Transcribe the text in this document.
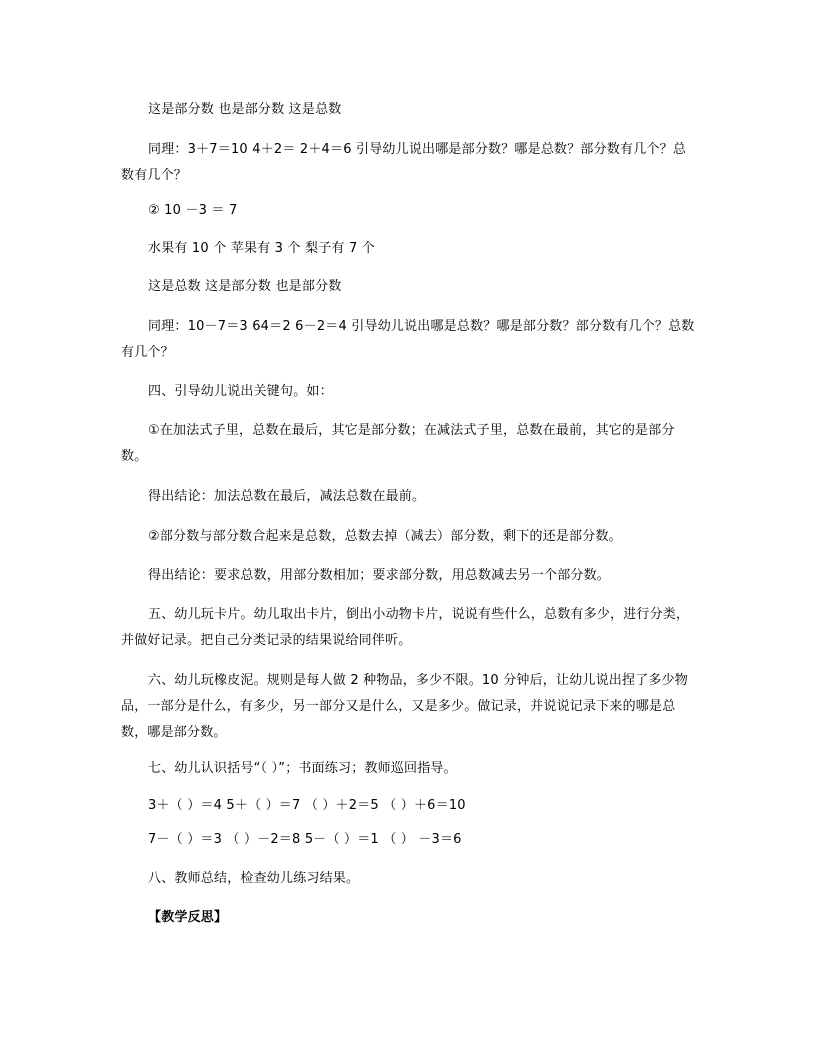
这是部分数 也是部分数 这是总数
同理：3＋7＝10 4＋2＝ 2＋4＝6 引导幼儿说出哪是部分数？哪是总数？部分数有几个？总数有几个？
② 10 －3 ＝ 7
水果有 10 个 苹果有 3 个 梨子有 7 个
这是总数 这是部分数 也是部分数
同理：10－7＝3 64＝2 6－2＝4 引导幼儿说出哪是总数？哪是部分数？部分数有几个？总数有几个？
四、引导幼儿说出关键句。如：
①在加法式子里，总数在最后，其它是部分数；在减法式子里，总数在最前，其它的是部分数。
得出结论：加法总数在最后，减法总数在最前。
②部分数与部分数合起来是总数，总数去掉（减去）部分数，剩下的还是部分数。
得出结论：要求总数，用部分数相加；要求部分数，用总数减去另一个部分数。
五、幼儿玩卡片。幼儿取出卡片，倒出小动物卡片，说说有些什么，总数有多少，进行分类，并做好记录。把自己分类记录的结果说给同伴听。
六、幼儿玩橡皮泥。规则是每人做 2 种物品，多少不限。10 分钟后，让幼儿说出捏了多少物品，一部分是什么，有多少，另一部分又是什么，又是多少。做记录，并说说记录下来的哪是总数，哪是部分数。
七、幼儿认识括号“（ ）”；书面练习；教师巡回指导。
3＋（ ）＝4 5＋（ ）＝7 （ ）＋2＝5 （ ）＋6＝10
7－（ ）＝3 （ ）－2＝8 5－（ ）＝1 （ ） －3＝6
八、教师总结，检查幼儿练习结果。
【教学反思】
